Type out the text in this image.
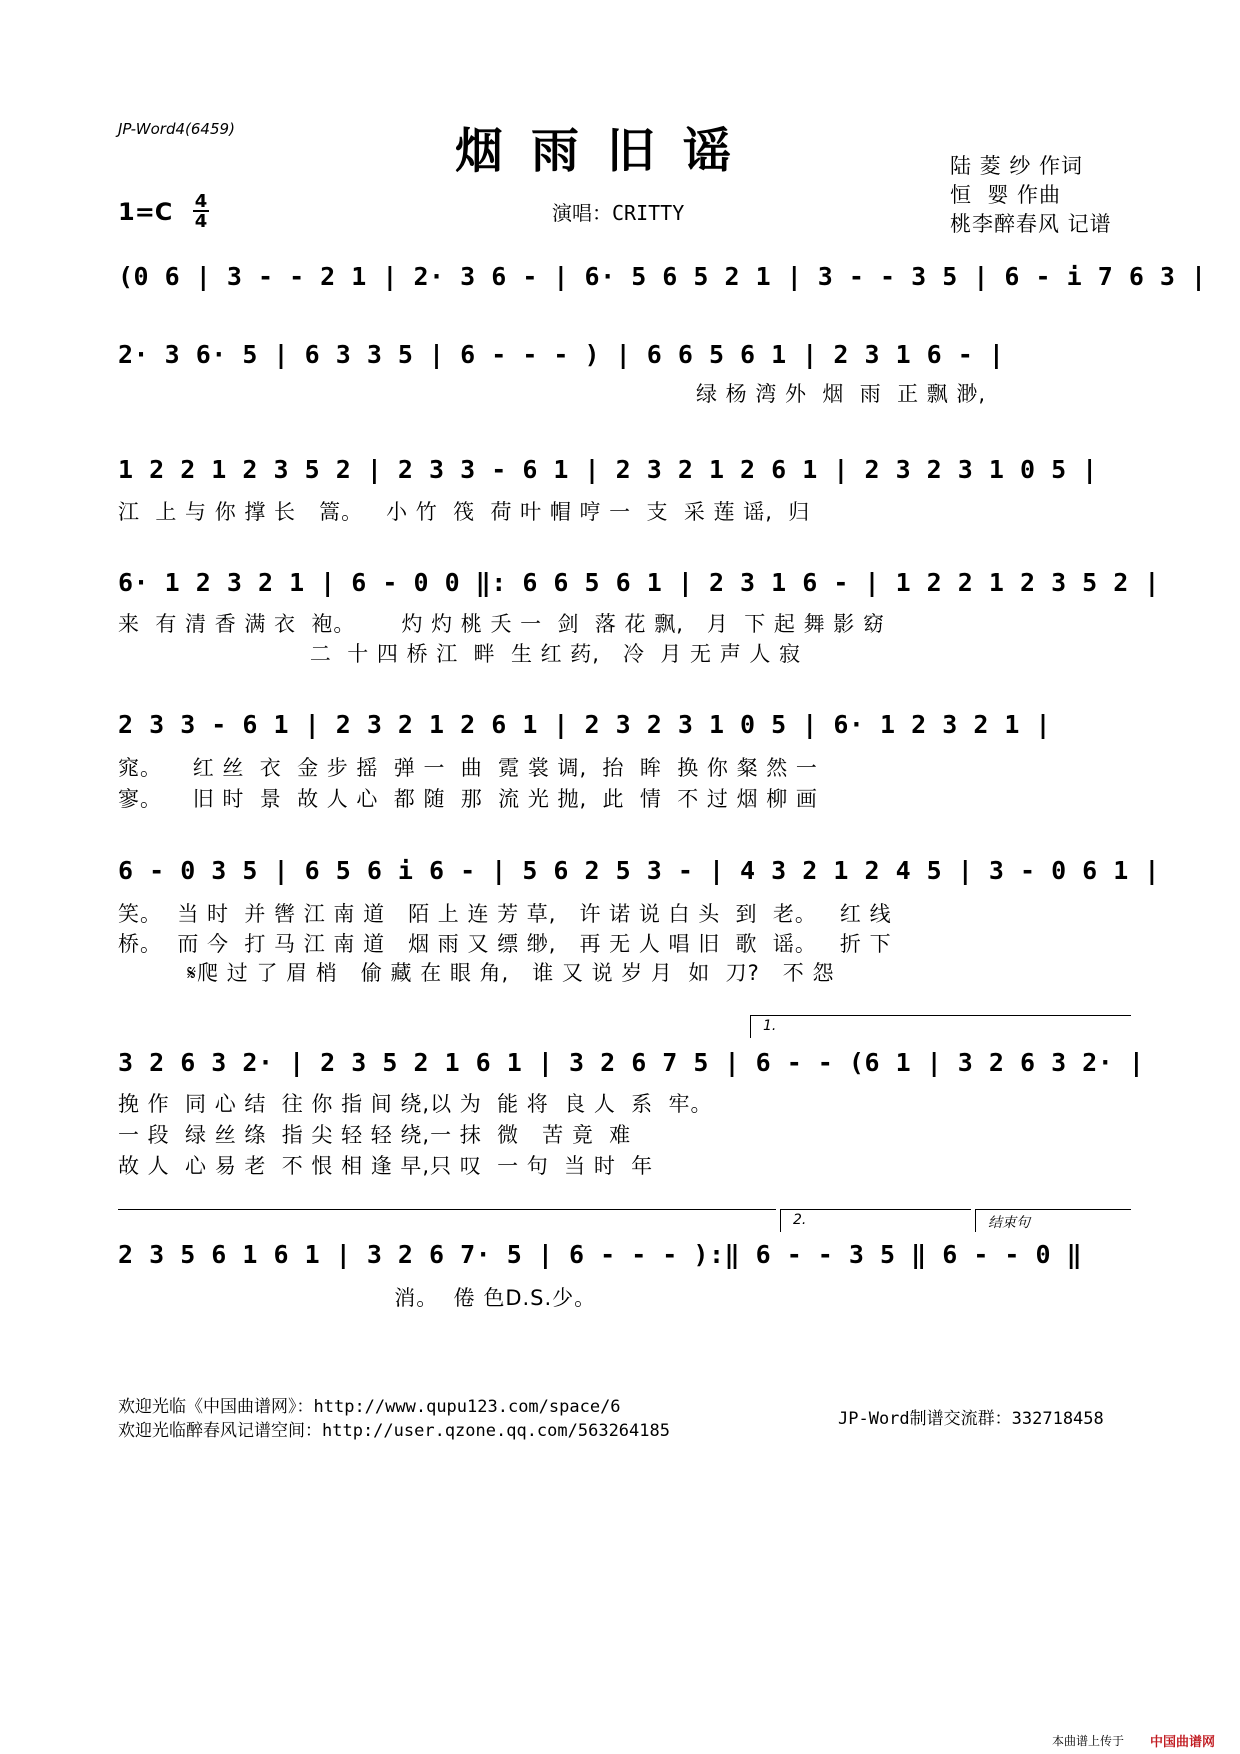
JP-Word4(6459)	烟雨旧谣	陆 菱 纱 作词
恒  婴 作曲
桃李醉春风 记谱
1=C 4
4	演唱：CRITTY
(0 6 | 3 - - 2 1 | 2· 3 6 - | 6· 5 6 5 2 1 | 3 - - 3 5 | 6 - i 7 6 3 |
2· 3 6· 5 | 6 3 3 5 | 6 - - - ) | 6 6 5 6 1 | 2 3 1 6 - |
绿 杨 湾 外  烟  雨  正 飘 渺,
1 2 2 1 2 3 5 2 | 2 3 3 - 6 1 | 2 3 2 1 2 6 1 | 2 3 2 3 1 0 5 |
江  上 与 你 撑 长   篙。   小 竹  筏  荷 叶 帽 哼 一  支  采 莲 谣,  归
6· 1 2 3 2 1 | 6 - 0 0 ‖: 6 6 5 6 1 | 2 3 1 6 - | 1 2 2 1 2 3 5 2 |
来  有 清 香 满 衣  袍。      灼 灼 桃 夭 一  剑  落 花 飘,   月  下 起 舞 影 窈
二  十 四 桥 江  畔  生 红 药,   冷  月 无 声 人 寂
2 3 3 - 6 1 | 2 3 2 1 2 6 1 | 2 3 2 3 1 0 5 | 6· 1 2 3 2 1 |
窕。    红 丝  衣  金 步 摇  弹 一  曲  霓 裳 调,  抬  眸  换 你 粲 然 一
寥。    旧 时  景  故 人 心  都 随  那  流 光 抛,  此  情  不 过 烟 柳 画
6 - 0 3 5 | 6 5 6 i 6 - | 5 6 2 5 3 - | 4 3 2 1 2 4 5 | 3 - 0 6 1 |
笑。  当 时  并 辔 江 南 道   陌 上 连 芳 草,   许 诺 说 白 头  到  老。   红 线
桥。  而 今  打 马 江 南 道   烟 雨 又 缥 缈,   再 无 人 唱 旧  歌  谣。   折 下
𝄋爬 过 了 眉 梢   偷 藏 在 眼 角,   谁 又 说 岁 月  如  刀?   不 怨
1.
3 2 6 3 2· | 2 3 5 2 1 6 1 | 3 2 6 7 5 | 6 - - (6 1 | 3 2 6 3 2· |
挽 作  同 心 结  往 你 指 间 绕,以 为  能 将  良 人  系  牢。
一 段  绿 丝 绦  指 尖 轻 轻 绕,一 抹  微   苦 竟  难
故 人  心 易 老  不 恨 相 逢 早,只 叹  一 句  当 时  年
2.	结束句
2 3 5 6 1 6 1 | 3 2 6 7· 5 | 6 - - - ):‖ 6 - - 3 5 ‖ 6 - - 0 ‖
消。  倦 色D.S.少。
欢迎光临《中国曲谱网》：http://www.qupu123.com/space/6
欢迎光临醉春风记谱空间：http://user.qzone.qq.com/563264185
JP-Word制谱交流群：332718458
本曲谱上传于 中国曲谱网
